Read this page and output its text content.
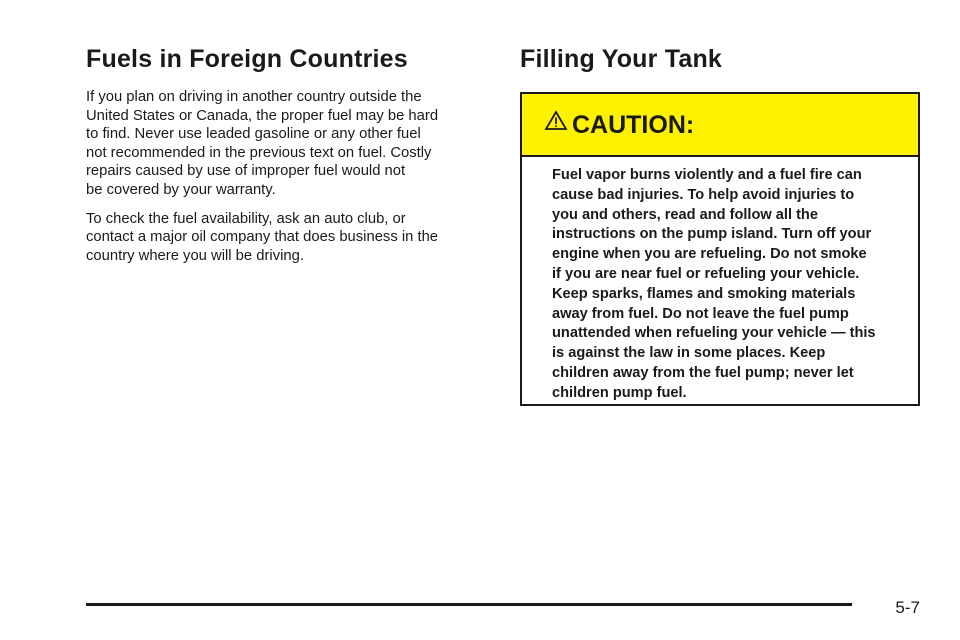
Fuels in Foreign Countries

If you plan on driving in another country outside the
United States or Canada, the proper fuel may be hard
to find. Never use leaded gasoline or any other fuel
not recommended in the previous text on fuel. Costly
repairs caused by use of improper fuel would not
be covered by your warranty.

To check the fuel availability, ask an auto club, or
contact a major oil company that does business in the
country where you will be driving.

Filling Your Tank
CAUTION:
Fuel vapor burns violently and a fuel fire can
cause bad injuries. To help avoid injuries to
you and others, read and follow all the
instructions on the pump island. Turn off your
engine when you are refueling. Do not smoke
if you are near fuel or refueling your vehicle.
Keep sparks, flames and smoking materials
away from fuel. Do not leave the fuel pump
unattended when refueling your vehicle — this
is against the law in some places. Keep
children away from the fuel pump; never let
children pump fuel.
5-7
